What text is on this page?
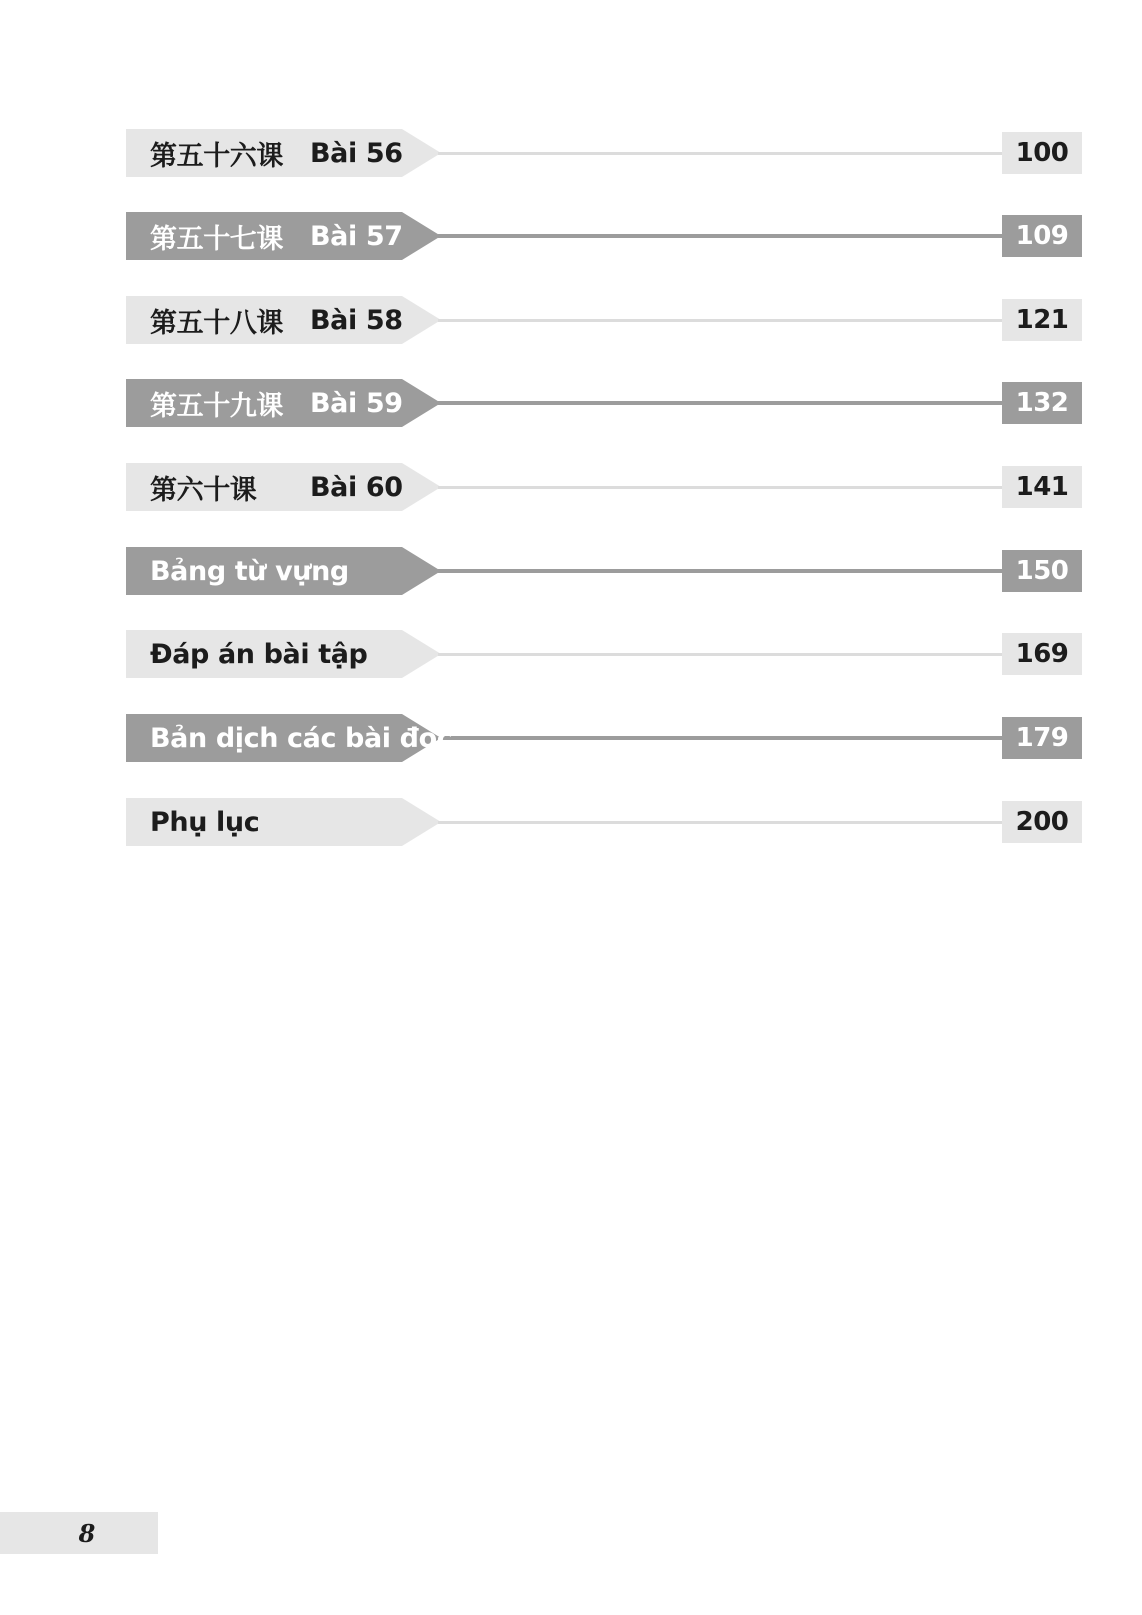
第五十六课	Bài 56	100
第五十七课	Bài 57	109
第五十八课	Bài 58	121
第五十九课	Bài 59	132
第六十课	Bài 60	141
Bảng từ vựng	150
Đáp án bài tập	169
Bản dịch các bài đọc	179
Phụ lục	200
8
